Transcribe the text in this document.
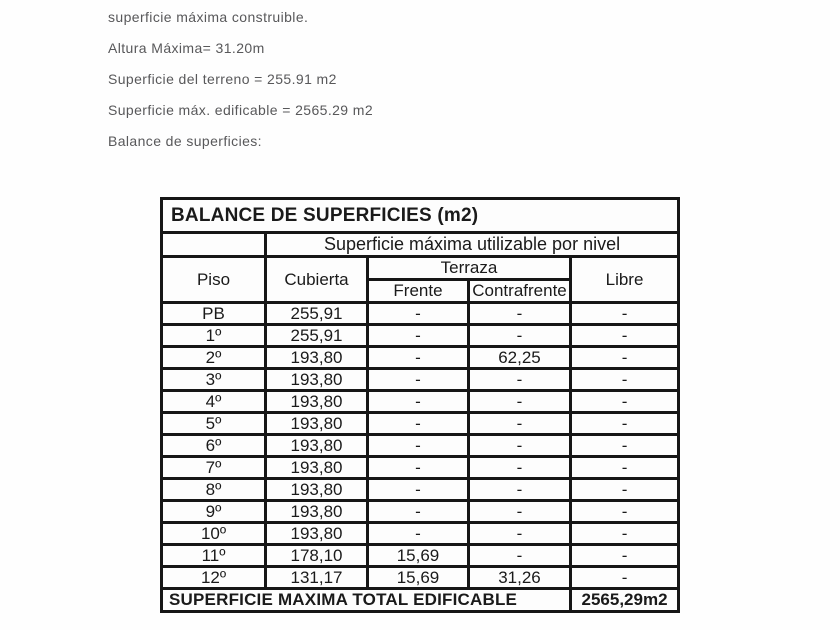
superficie máxima construible.
Altura Máxima= 31.20m
Superficie del terreno = 255.91 m2
Superficie máx. edificable = 2565.29 m2
Balance de superficies:
BALANCE DE SUPERFICIES (m2)				
	Superficie máxima utilizable por nivel			
Piso	Cubierta	Terraza		Libre
		Frente	Contrafrente	
PB	255,91	-	-	-
1º	255,91	-	-	-
2º	193,80	-	62,25	-
3º	193,80	-	-	-
4º	193,80	-	-	-
5º	193,80	-	-	-
6º	193,80	-	-	-
7º	193,80	-	-	-
8º	193,80	-	-	-
9º	193,80	-	-	-
10º	193,80	-	-	-
11º	178,10	15,69	-	-
12º	131,17	15,69	31,26	-
SUPERFICIE MAXIMA TOTAL EDIFICABLE				2565,29m2
